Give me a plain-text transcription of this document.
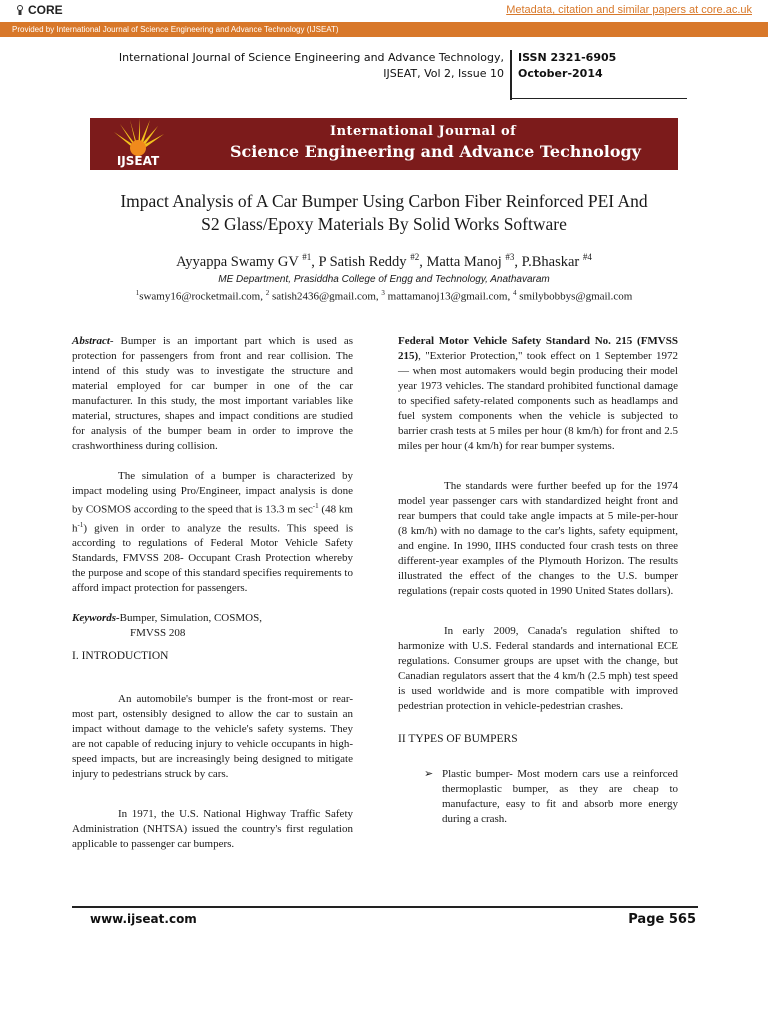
CORE	Metadata, citation and similar papers at core.ac.uk
Provided by International Journal of Science Engineering and Advance Technology (IJSEAT)
International Journal of Science Engineering and Advance Technology,
IJSEAT, Vol 2, Issue 10
ISSN 2321-6905
October-2014
IJSEAT
International Journal of
Science Engineering and Advance Technology
Impact Analysis of A Car Bumper Using Carbon Fiber Reinforced PEI And
S2 Glass/Epoxy Materials By Solid Works Software
Ayyappa Swamy GV $^{\#1}$, P Satish Reddy $^{\#2}$, Matta Manoj $^{\#3}$, P.Bhaskar $^{\#4}$
ME Department, Prasiddha College of Engg and Technology, Anathavaram
$^1$swamy16@rocketmail.com, $^2$ satish2436@gmail.com, $^3$ mattamanoj13@gmail.com, $^4$ smilybobbys@gmail.com

Abstract- Bumper is an important part which is used as protection for passengers from front and rear collision. The intend of this study was to investigate the structure and material employed for car bumper in one of the car manufacturer. In this study, the most important variables like material, structures, shapes and impact conditions are studied for analysis of the bumper beam in order to improve the crashworthiness during collision.

The simulation of a bumper is characterized by impact modeling using Pro/Engineer, impact analysis is done by COSMOS according to the speed that is 13.3 m $\sec^{-1} (48$ km $h^{-1}$) given in order to analyze the results. This speed is according to regulations of Federal Motor Vehicle Safety Standards, FMVSS 208- Occupant Crash Protection whereby the purpose and scope of this standard specifies requirements to afford impact protection for passengers.

Keywords-Bumper, Simulation, COSMOS,

FMVSS 208

I. INTRODUCTION

An automobile's bumper is the front-most or rear-most part, ostensibly designed to allow the car to sustain an impact without damage to the vehicle's safety systems. They are not capable of reducing injury to vehicle occupants in high-speed impacts, but are increasingly being designed to mitigate injury to pedestrians struck by cars.

In 1971, the U.S. National Highway Traffic Safety Administration (NHTSA) issued the country's first regulation applicable to passenger car bumpers.

Federal Motor Vehicle Safety Standard No. 215 (FMVSS 215), "Exterior Protection," took effect on 1 September 1972 — when most automakers would begin producing their model year 1973 vehicles. The standard prohibited functional damage to specified safety-related components such as headlamps and fuel system components when the vehicle is subjected to barrier crash tests at 5 miles per hour (8 km/h) for front and 2.5 miles per hour (4 km/h) for rear bumper systems.

The standards were further beefed up for the 1974 model year passenger cars with standardized height front and rear bumpers that could take angle impacts at 5 mile-per-hour (8 km/h) with no damage to the car's lights, safety equipment, and engine. In 1990, IIHS conducted four crash tests on three different-year examples of the Plymouth Horizon. The results illustrated the effect of the changes to the U.S. bumper regulations (repair costs quoted in 1990 United States dollars).

In early 2009, Canada's regulation shifted to harmonize with U.S. Federal standards and international ECE regulations. Consumer groups are upset with the change, but Canadian regulators assert that the 4 km/h (2.5 mph) test speed is used worldwide and is more compatible with improved pedestrian protection in vehicle-pedestrian crashes.

II TYPES OF BUMPERS

➢ Plastic bumper- Most modern cars use a reinforced thermoplastic bumper, as they are cheap to manufacture, easy to fit and absorb more energy during a crash.
www.ijseat.com	Page 565
